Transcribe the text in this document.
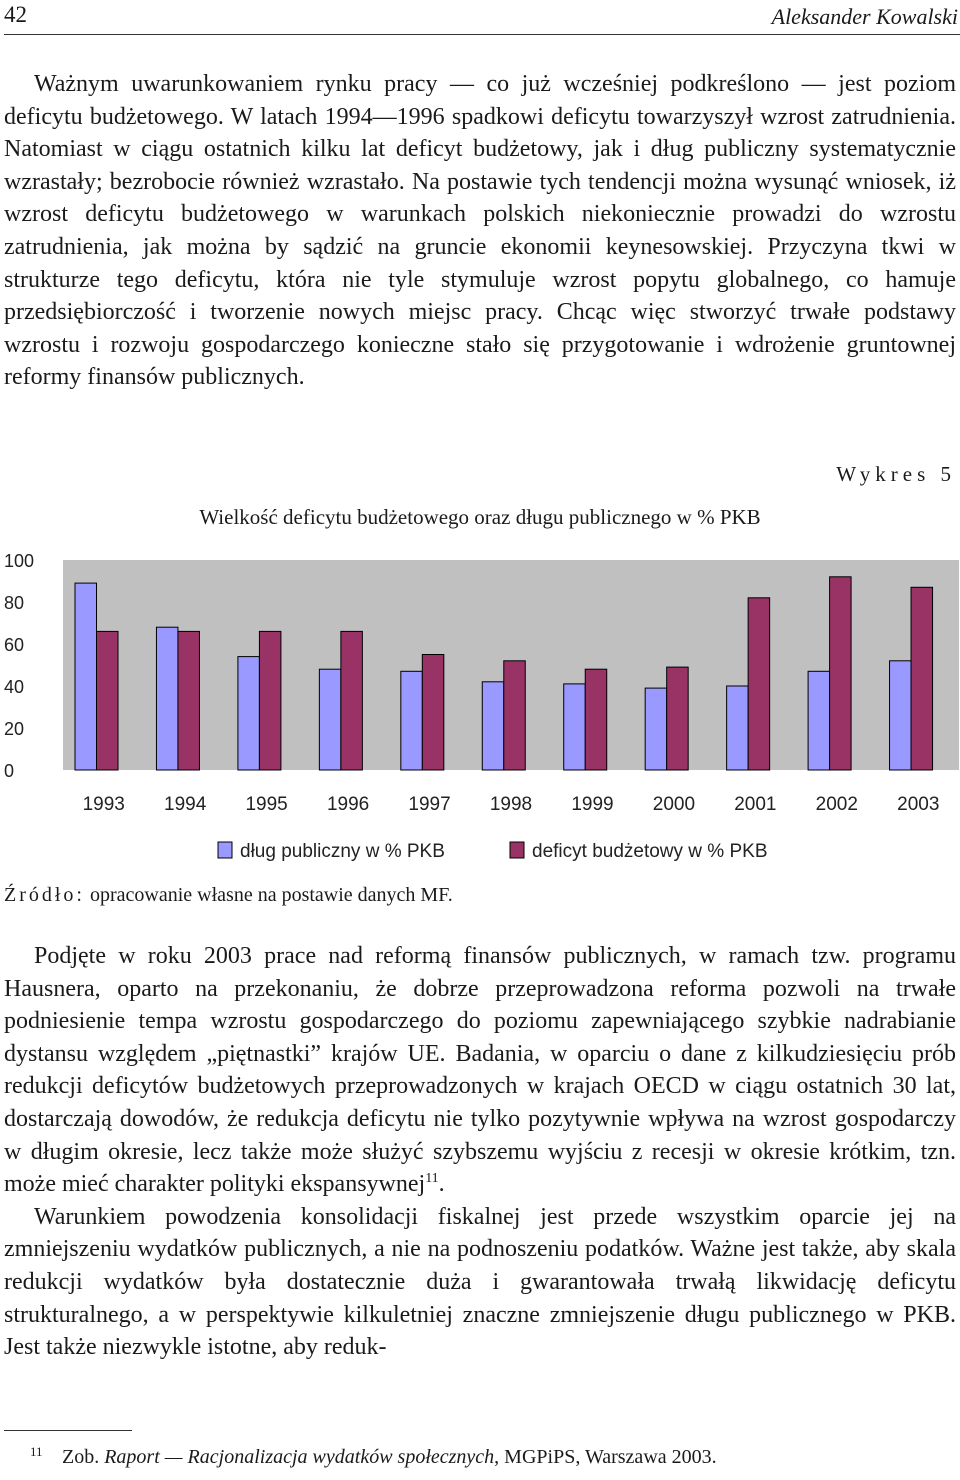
42	Aleksander Kowalski
Ważnym uwarunkowaniem rynku pracy — co już wcześniej podkreślono — jest poziom deficytu budżetowego. W latach 1994—1996 spadkowi deficytu towarzyszył wzrost zatrudnienia. Natomiast w ciągu ostatnich kilku lat deficyt budżetowy, jak i dług publiczny systematycznie wzrastały; bezrobocie również wzrastało. Na postawie tych tendencji można wysunąć wniosek, iż wzrost deficytu budżetowego w warunkach polskich niekoniecznie prowadzi do wzrostu zatrudnienia, jak można by sądzić na gruncie ekonomii keynesowskiej. Przyczyna tkwi w strukturze tego deficytu, która nie tyle stymuluje wzrost popytu globalnego, co hamuje przedsiębiorczość i tworzenie nowych miejsc pracy. Chcąc więc stworzyć trwałe podstawy wzrostu i rozwoju gospodarczego konieczne stało się przygotowanie i wdrożenie gruntownej reformy finansów publicznych.
Wykres 5
Wielkość deficytu budżetowego oraz długu publicznego w % PKB
0
20
40
60
80
100
1993 1994 1995 1996 1997 1998 1999 2000 2001 2002 2003
dług publiczny w % PKB	deficyt budżetowy w % PKB
Źródło: opracowanie własne na postawie danych MF.

Podjęte w roku 2003 prace nad reformą finansów publicznych, w ramach tzw. programu Hausnera, oparto na przekonaniu, że dobrze przeprowadzona reforma pozwoli na trwałe podniesienie tempa wzrostu gospodarczego do poziomu zapewniającego szybkie nadrabianie dystansu względem „piętnastki” krajów UE. Badania, w oparciu o dane z kilkudziesięciu prób redukcji deficytów budżetowych przeprowadzonych w krajach OECD w ciągu ostatnich 30 lat, dostarczają dowodów, że redukcja deficytu nie tylko pozytywnie wpływa na wzrost gospodarczy w długim okresie, lecz także może służyć szybszemu wyjściu z recesji w okresie krótkim, tzn. może mieć charakter polityki ekspansywnej$^{11}$.

Warunkiem powodzenia konsolidacji fiskalnej jest przede wszystkim oparcie jej na zmniejszeniu wydatków publicznych, a nie na podnoszeniu podatków. Ważne jest także, aby skala redukcji wydatków była dostatecznie duża i gwarantowała trwałą likwidację deficytu strukturalnego, a w perspektywie kilkuletniej znaczne zmniejszenie długu publicznego w PKB. Jest także niezwykle istotne, aby reduk-

11 Zob. Raport — Racjonalizacja wydatków społecznych, MGPiPS, Warszawa 2003.
